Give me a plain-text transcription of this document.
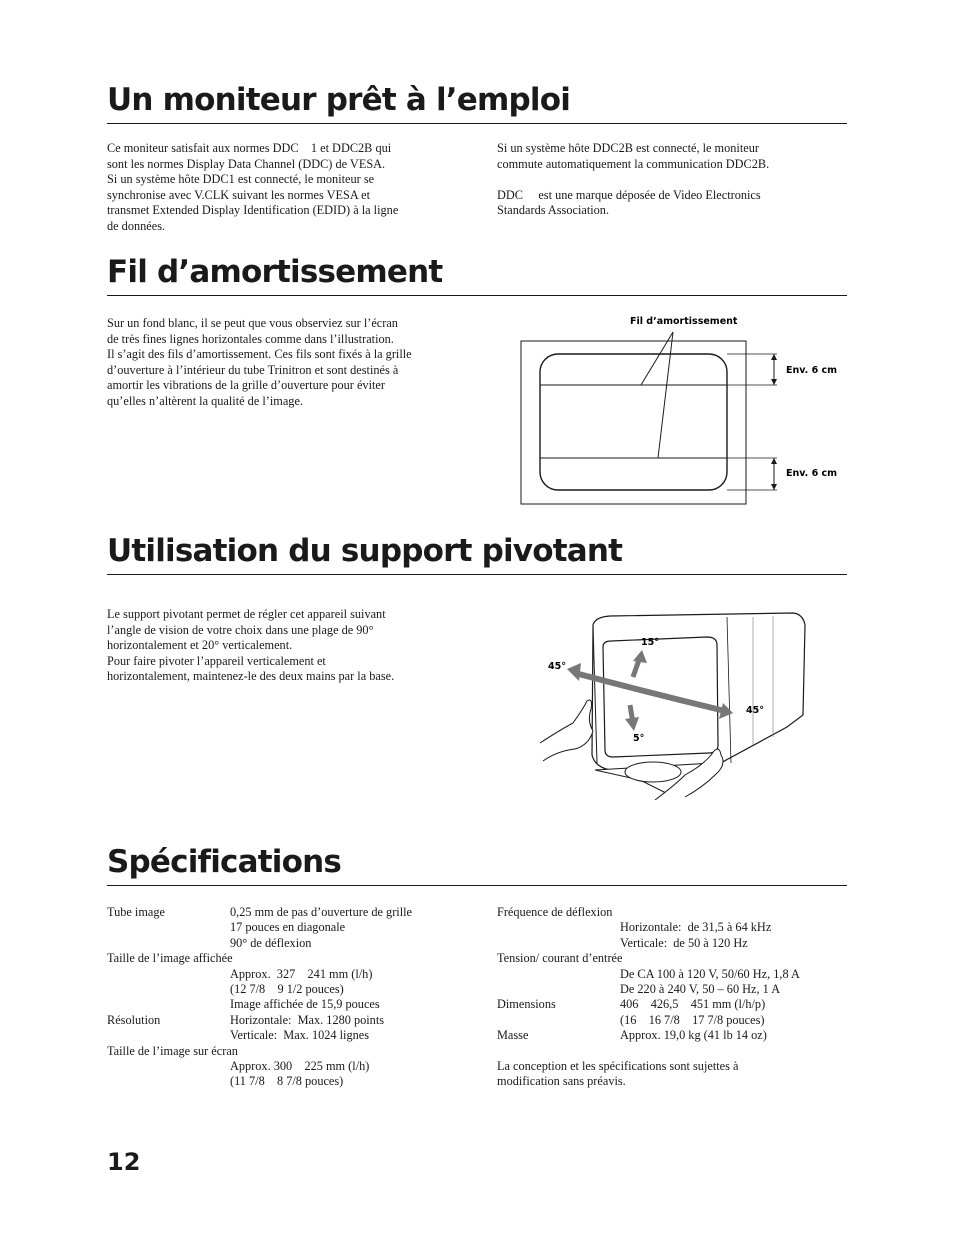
Un moniteur prêt à l’emploi

Ce moniteur satisfait aux normes DDC  1 et DDC2B qui

sont les normes Display Data Channel (DDC) de VESA.

Si un système hôte DDC1 est connecté, le moniteur se

synchronise avec V.CLK suivant les normes VESA et

transmet Extended Display Identification (EDID) à la ligne

de données.

Si un système hôte DDC2B est connecté, le moniteur

commute automatiquement la communication DDC2B.

DDC   est une marque déposée de Video Electronics

Standards Association.

Fil d’amortissement

Sur un fond blanc, il se peut que vous observiez sur l’écran

de très fines lignes horizontales comme dans l’illustration.

Il s’agit des fils d’amortissement. Ces fils sont fixés à la grille

d’ouverture à l’intérieur du tube Trinitron et sont destinés à

amortir les vibrations de la grille d’ouverture pour éviter

qu’elles n’altèrent la qualité de l’image.

Fil d’amortissement
Env. 6 cm
Env. 6 cm
Utilisation du support pivotant

Le support pivotant permet de régler cet appareil suivant

l’angle de vision de votre choix dans une plage de 90°

horizontalement et 20° verticalement.

Pour faire pivoter l’appareil verticalement et

horizontalement, maintenez-le des deux mains par la base.

15°
45°
45°
5°
Spécifications
Tube image	0,25 mm de pas d’ouverture de grille
17 pouces en diagonale
90° de déflexion
Taille de l’image affichée
Approx. 327  241 mm (l/h)
(12 7/8  9 1/2 pouces)
Image affichée de 15,9 pouces
Résolution	Horizontale: Max. 1280 points
Verticale: Max. 1024 lignes
Taille de l’image sur écran
Approx. 300  225 mm (l/h)
(11 7/8  8 7/8 pouces)
Fréquence de déflexion
Horizontale: de 31,5 à 64 kHz
Verticale: de 50 à 120 Hz
Tension/ courant d’entrée
De CA 100 à 120 V, 50/60 Hz, 1,8 A
De 220 à 240 V, 50 – 60 Hz, 1 A
Dimensions	406  426,5  451 mm (l/h/p)
(16  16 7/8  17 7/8 pouces)
Masse	Approx. 19,0 kg (41 lb 14 oz)
La conception et les spécifications sont sujettes à
modification sans préavis.
12
